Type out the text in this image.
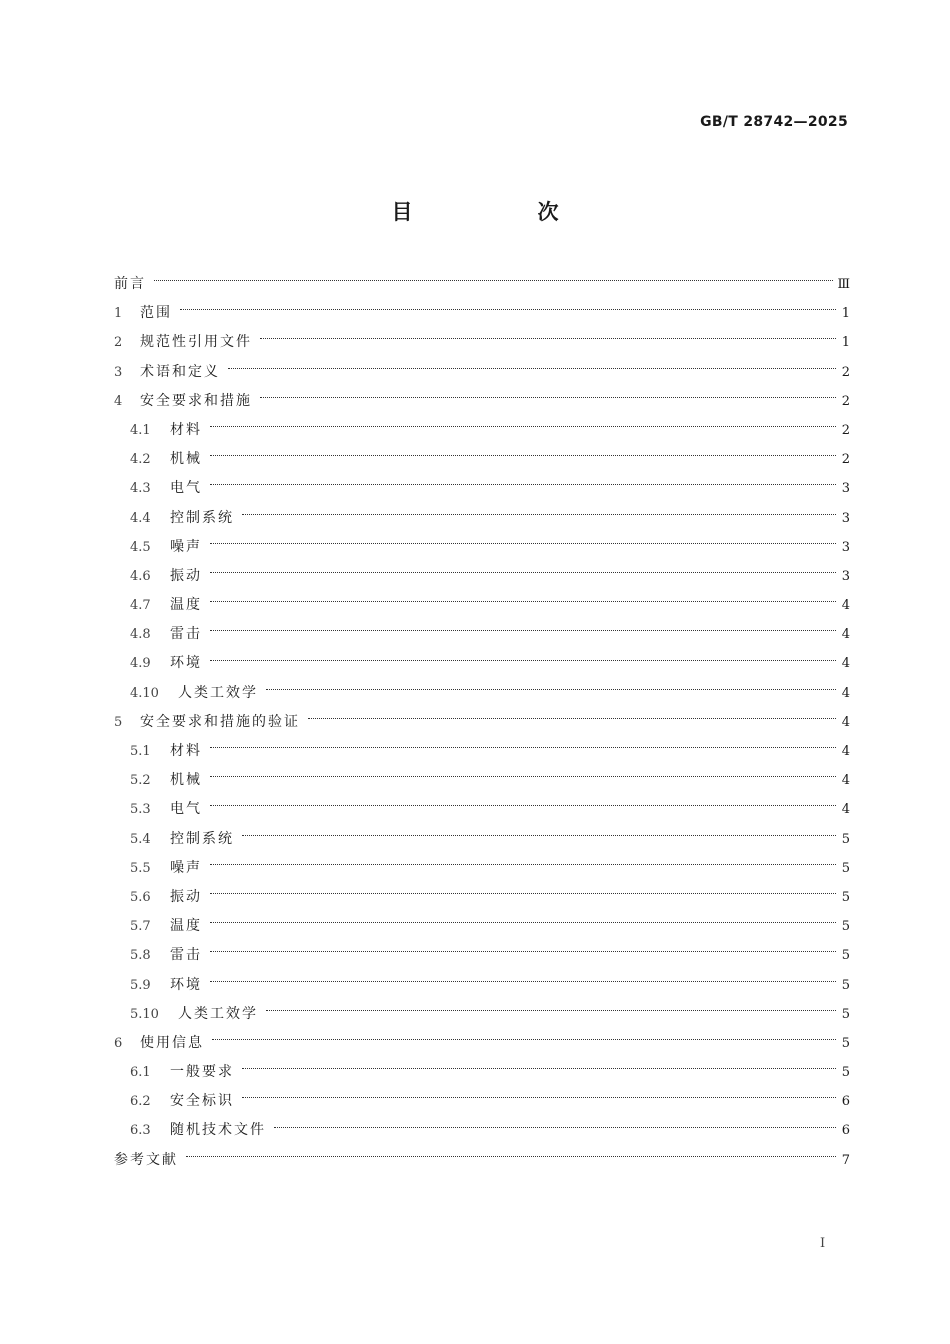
GB/T 28742—2025
目　次
前言	Ⅲ
1	范围	1
2	规范性引用文件	1
3	术语和定义	2
4	安全要求和措施	2
4.1	材料	2
4.2	机械	2
4.3	电气	3
4.4	控制系统	3
4.5	噪声	3
4.6	振动	3
4.7	温度	4
4.8	雷击	4
4.9	环境	4
4.10	人类工效学	4
5	安全要求和措施的验证	4
5.1	材料	4
5.2	机械	4
5.3	电气	4
5.4	控制系统	5
5.5	噪声	5
5.6	振动	5
5.7	温度	5
5.8	雷击	5
5.9	环境	5
5.10	人类工效学	5
6	使用信息	5
6.1	一般要求	5
6.2	安全标识	6
6.3	随机技术文件	6
参考文献	7
Ⅰ
